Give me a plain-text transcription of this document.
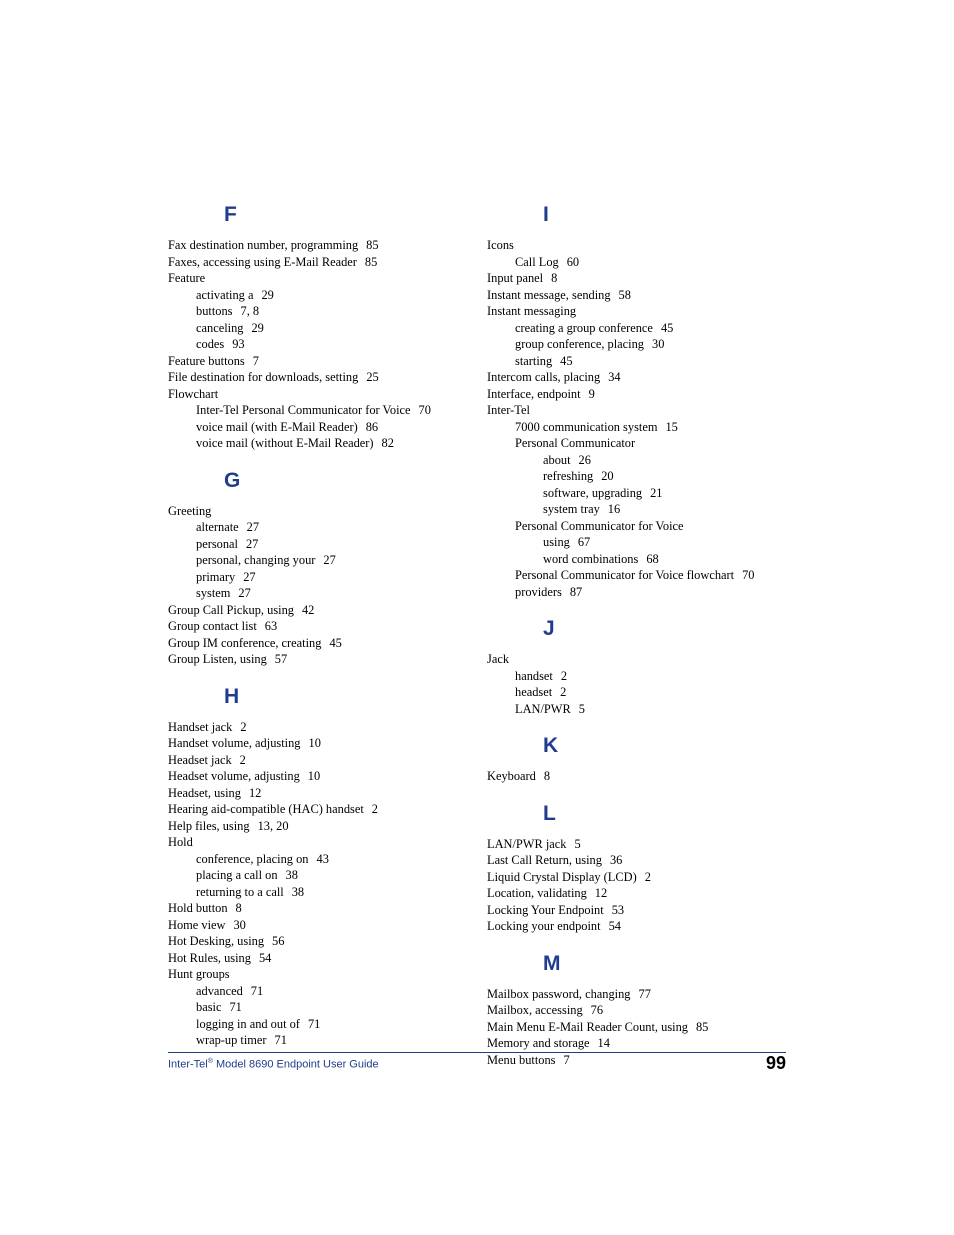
F
Fax destination number, programming 85
Faxes, accessing using E-Mail Reader 85
Feature
activating a 29
buttons 7, 8
canceling 29
codes 93
Feature buttons 7
File destination for downloads, setting 25
Flowchart
Inter-Tel Personal Communicator for Voice 70
voice mail (with E-Mail Reader) 86
voice mail (without E-Mail Reader) 82
G
Greeting
alternate 27
personal 27
personal, changing your 27
primary 27
system 27
Group Call Pickup, using 42
Group contact list 63
Group IM conference, creating 45
Group Listen, using 57
H
Handset jack 2
Handset volume, adjusting 10
Headset jack 2
Headset volume, adjusting 10
Headset, using 12
Hearing aid-compatible (HAC) handset 2
Help files, using 13, 20
Hold
conference, placing on 43
placing a call on 38
returning to a call 38
Hold button 8
Home view 30
Hot Desking, using 56
Hot Rules, using 54
Hunt groups
advanced 71
basic 71
logging in and out of 71
wrap-up timer 71
I
Icons
Call Log 60
Input panel 8
Instant message, sending 58
Instant messaging
creating a group conference 45
group conference, placing 30
starting 45
Intercom calls, placing 34
Interface, endpoint 9
Inter-Tel
7000 communication system 15
Personal Communicator
about 26
refreshing 20
software, upgrading 21
system tray 16
Personal Communicator for Voice
using 67
word combinations 68
Personal Communicator for Voice flowchart 70
providers 87
J
Jack
handset 2
headset 2
LAN/PWR 5
K
Keyboard 8
L
LAN/PWR jack 5
Last Call Return, using 36
Liquid Crystal Display (LCD) 2
Location, validating 12
Locking Your Endpoint 53
Locking your endpoint 54
M
Mailbox password, changing 77
Mailbox, accessing 76
Main Menu E-Mail Reader Count, using 85
Memory and storage 14
Menu buttons 7
Inter-Tel® Model 8690 Endpoint User Guide	99
